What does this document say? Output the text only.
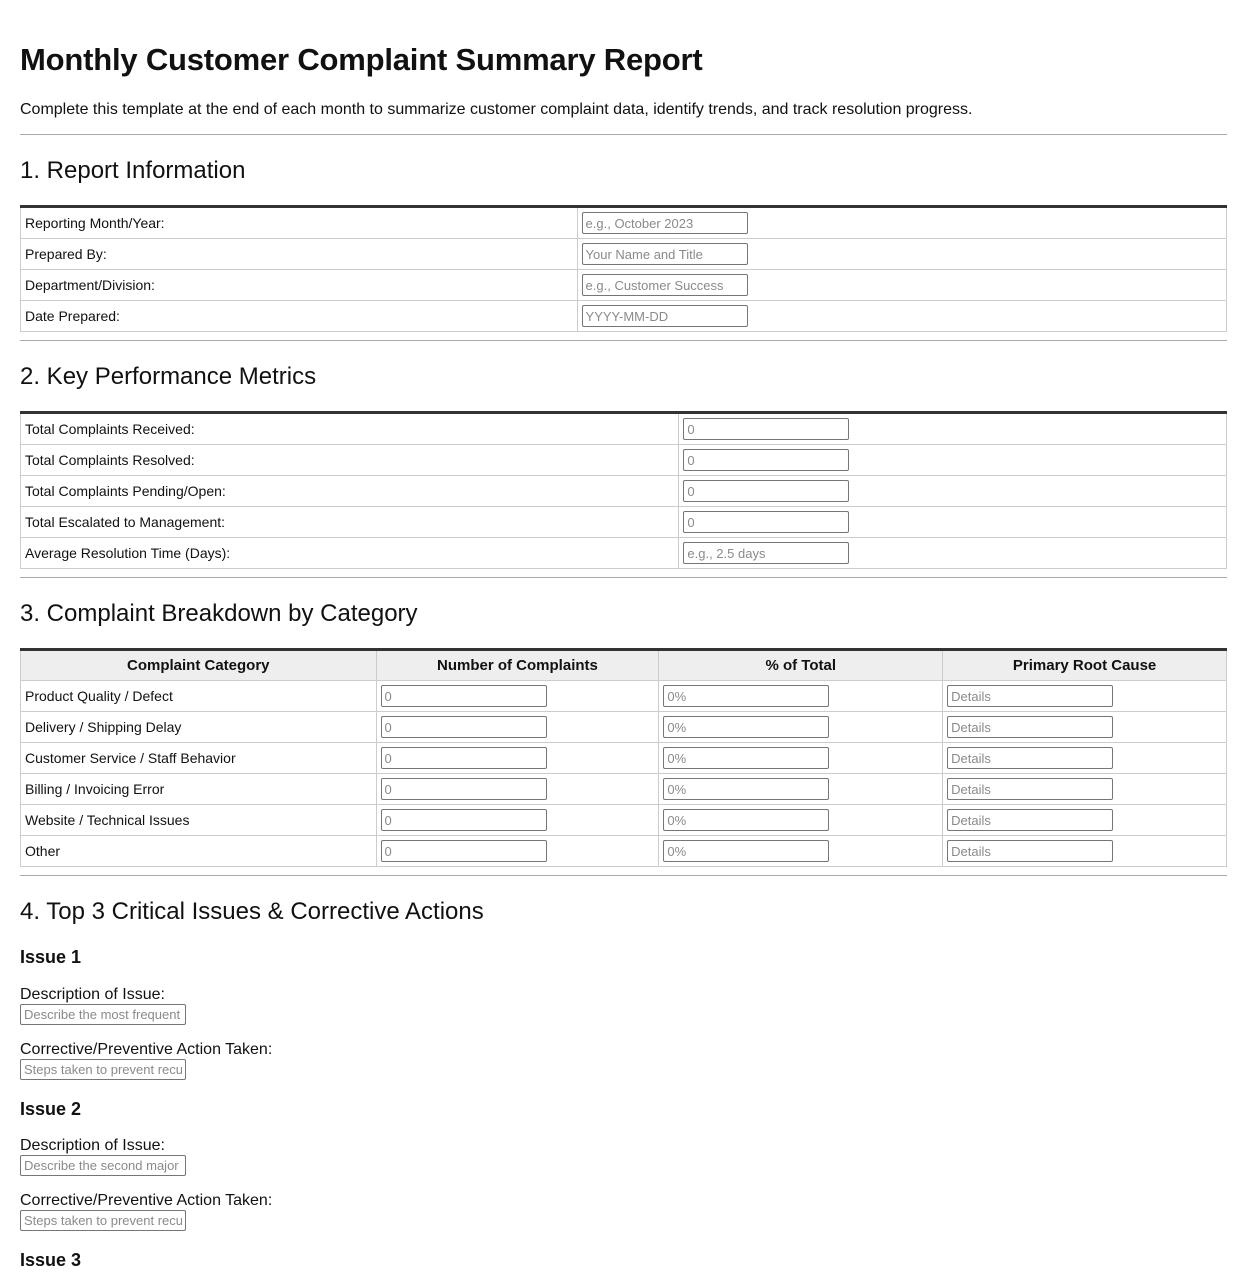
Monthly Customer Complaint Summary Report

Complete this template at the end of each month to summarize customer complaint data, identify trends, and track resolution progress.

1. Report Information
Reporting Month/Year:	e.g., October 2023
Prepared By:	Your Name and Title
Department/Division:	e.g., Customer Success
Date Prepared:	YYYY-MM-DD
2. Key Performance Metrics
Total Complaints Received:	0
Total Complaints Resolved:	0
Total Complaints Pending/Open:	0
Total Escalated to Management:	0
Average Resolution Time (Days):	e.g., 2.5 days
3. Complaint Breakdown by Category
Complaint Category	Number of Complaints	% of Total	Primary Root Cause
Product Quality / Defect	0	0%	Details
Delivery / Shipping Delay	0	0%	Details
Customer Service / Staff Behavior	0	0%	Details
Billing / Invoicing Error	0	0%	Details
Website / Technical Issues	0	0%	Details
Other	0	0%	Details
4. Top 3 Critical Issues & Corrective Actions
Issue 1

Description of Issue:

Describe the most frequent

Corrective/Preventive Action Taken:

Steps taken to prevent recurrence
Issue 2

Description of Issue:

Describe the second major

Corrective/Preventive Action Taken:

Steps taken to prevent recurrence
Issue 3
